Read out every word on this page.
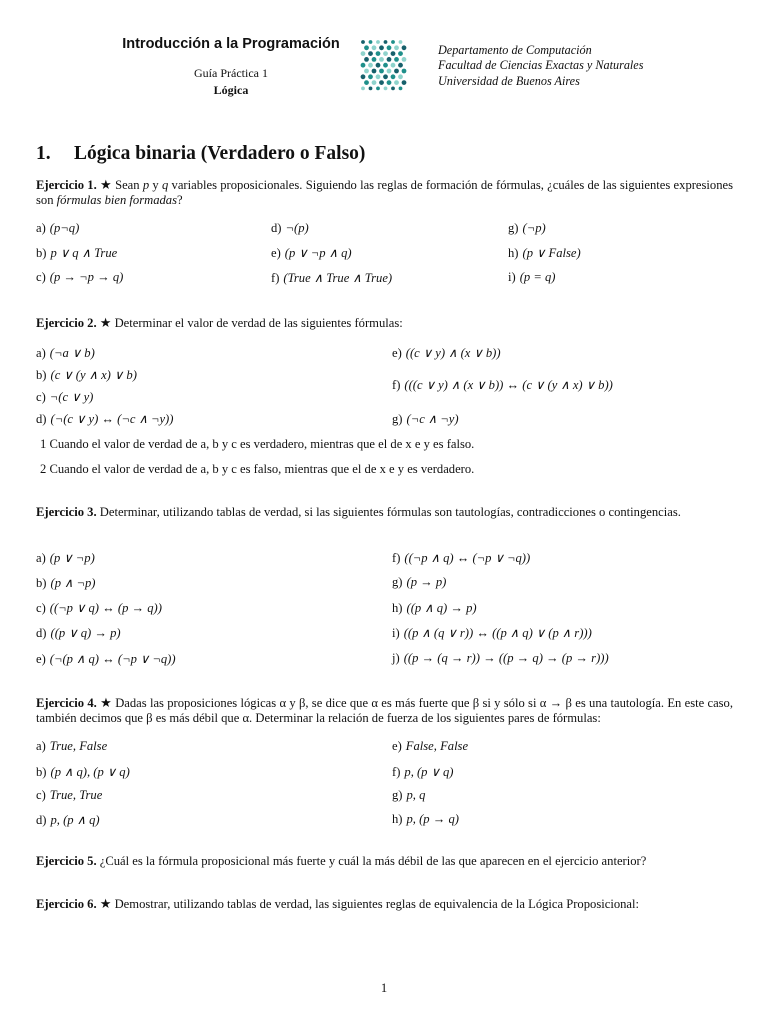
Introducción a la Programación
Guía Práctica 1
Lógica
Departamento de Computación
Facultad de Ciencias Exactas y Naturales
Universidad de Buenos Aires
1. Lógica binaria (Verdadero o Falso)
Ejercicio 1. ★ Sean p y q variables proposicionales. Siguiendo las reglas de formación de fórmulas, ¿cuáles de las siguientes expresiones son fórmulas bien formadas?
a) (p¬q)	d) ¬(p)	g) (¬p)
b) p ∨ q ∧ True	e) (p ∨ ¬p ∧ q)	h) (p ∨ False)
c) (p → ¬p → q)	f) (True ∧ True ∧ True)	i) (p = q)
Ejercicio 2. ★ Determinar el valor de verdad de las siguientes fórmulas:
a) (¬a ∨ b)
b) (c ∨ (y ∧ x) ∨ b)
c) ¬(c ∨ y)
d) (¬(c ∨ y) ↔ (¬c ∧ ¬y))
e) ((c ∨ y) ∧ (x ∨ b))
f) (((c ∨ y) ∧ (x ∨ b)) ↔ (c ∨ (y ∧ x) ∨ b))
g) (¬c ∧ ¬y)
1 Cuando el valor de verdad de a, b y c es verdadero, mientras que el de x e y es falso.
2 Cuando el valor de verdad de a, b y c es falso, mientras que el de x e y es verdadero.
Ejercicio 3. Determinar, utilizando tablas de verdad, si las siguientes fórmulas son tautologías, contradicciones o contingencias.
a) (p ∨ ¬p)
b) (p ∧ ¬p)
c) ((¬p ∨ q) ↔ (p → q))
d) ((p ∨ q) → p)
e) (¬(p ∧ q) ↔ (¬p ∨ ¬q))
f) ((¬p ∧ q) ↔ (¬p ∨ ¬q))
g) (p → p)
h) ((p ∧ q) → p)
i) ((p ∧ (q ∨ r)) ↔ ((p ∧ q) ∨ (p ∧ r)))
j) ((p → (q → r)) → ((p → q) → (p → r)))
Ejercicio 4. ★ Dadas las proposiciones lógicas α y β, se dice que α es más fuerte que β si y sólo si α → β es una tautología. En este caso, también decimos que β es más débil que α. Determinar la relación de fuerza de los siguientes pares de fórmulas:
a) True, False
b) (p ∧ q), (p ∨ q)
c) True, True
d) p, (p ∧ q)
e) False, False
f) p, (p ∨ q)
g) p, q
h) p, (p → q)
Ejercicio 5. ¿Cuál es la fórmula proposicional más fuerte y cuál la más débil de las que aparecen en el ejercicio anterior?
Ejercicio 6. ★ Demostrar, utilizando tablas de verdad, las siguientes reglas de equivalencia de la Lógica Proposicional:
1
